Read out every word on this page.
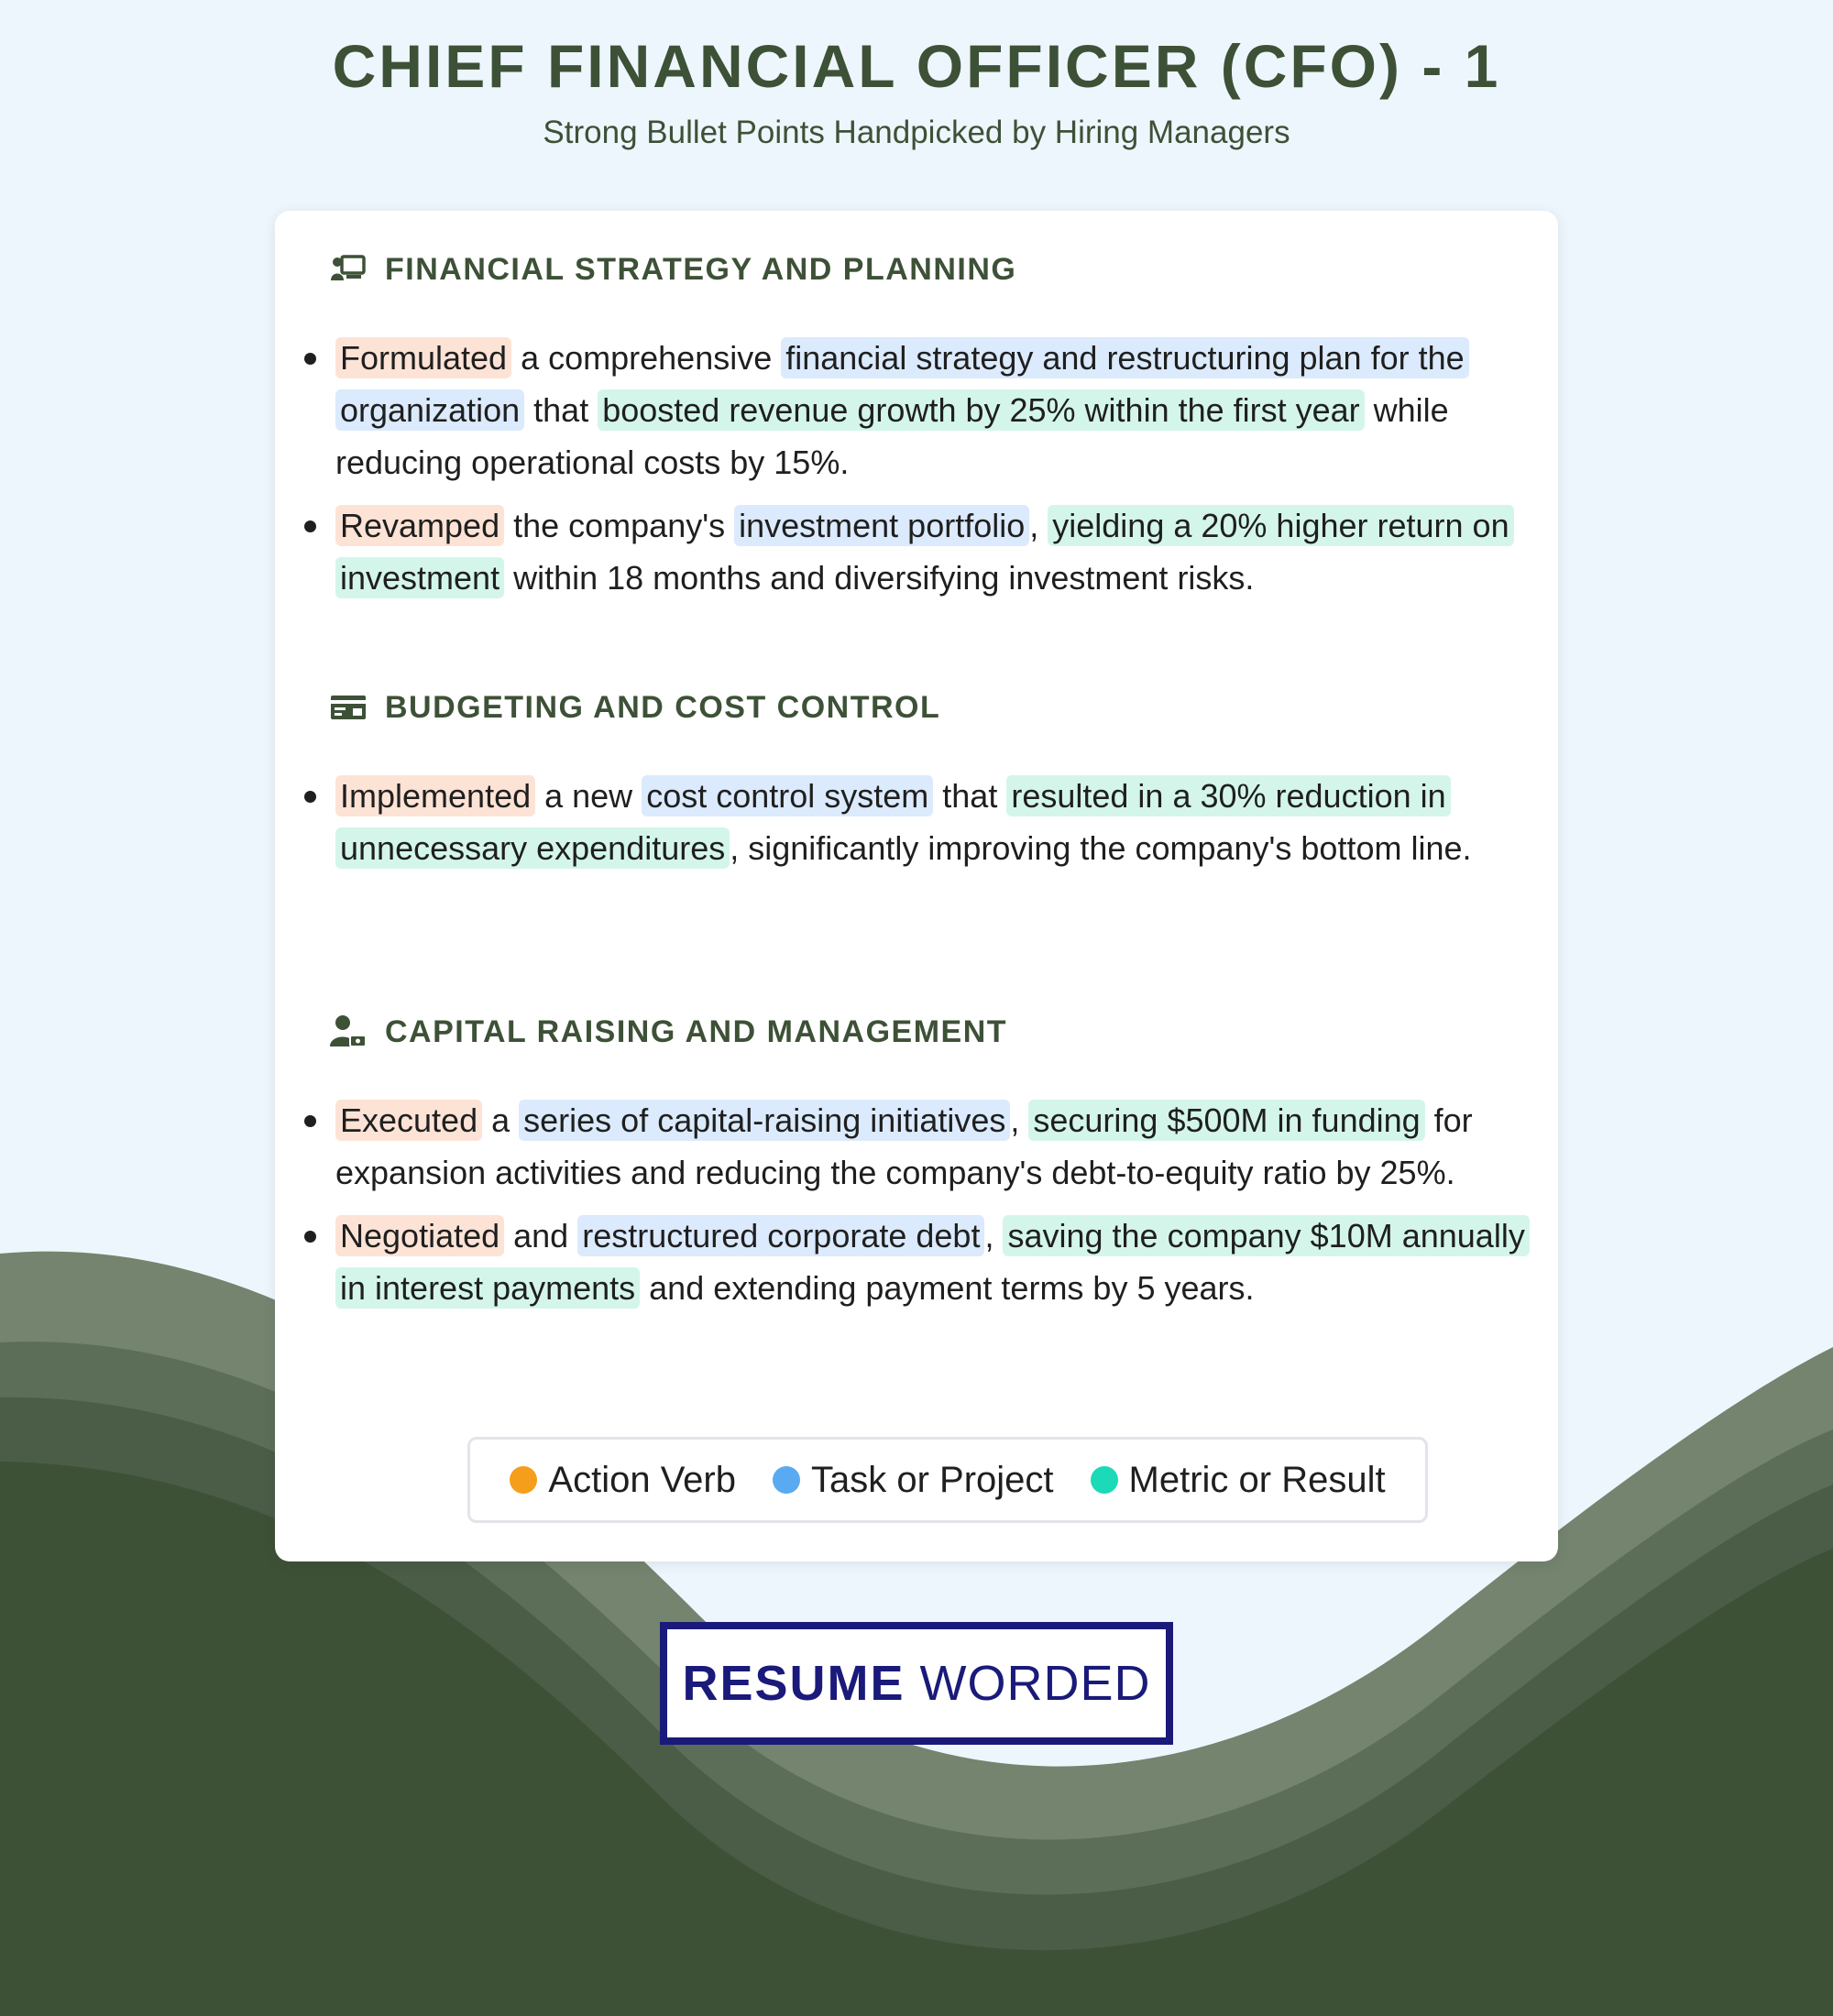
CHIEF FINANCIAL OFFICER (CFO) - 1
Strong Bullet Points Handpicked by Hiring Managers
FINANCIAL STRATEGY AND PLANNING
Formulated a comprehensive financial strategy and restructuring plan for the organization that boosted revenue growth by 25% within the first year while reducing operational costs by 15%.
Revamped the company's investment portfolio , yielding a 20% higher return on investment within 18 months and diversifying investment risks.
BUDGETING AND COST CONTROL
Implemented a new cost control system that resulted in a 30% reduction in unnecessary expenditures , significantly improving the company's bottom line.
CAPITAL RAISING AND MANAGEMENT
Executed a series of capital-raising initiatives , securing $500M in funding for expansion activities and reducing the company's debt-to-equity ratio by 25%.
Negotiated and restructured corporate debt , saving the company $10M annually in interest payments and extending payment terms by 5 years.
Action Verb Task or Project Metric or Result
RESUME WORDED
